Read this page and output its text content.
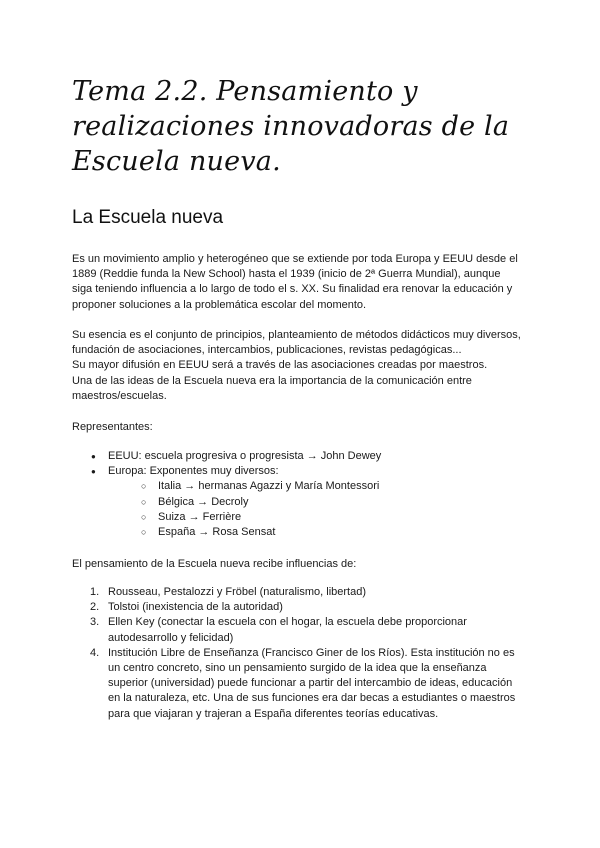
Tema 2.2. Pensamiento y
realizaciones innovadoras de la
Escuela nueva.
La Escuela nueva
Es un movimiento amplio y heterogéneo que se extiende por toda Europa y EEUU desde el
1889 (Reddie funda la New School) hasta el 1939 (inicio de 2ª Guerra Mundial), aunque
siga teniendo influencia a lo largo de todo el s. XX. Su finalidad era renovar la educación y
proponer soluciones a la problemática escolar del momento.
Su esencia es el conjunto de principios, planteamiento de métodos didácticos muy diversos,
fundación de asociaciones, intercambios, publicaciones, revistas pedagógicas...
Su mayor difusión en EEUU será a través de las asociaciones creadas por maestros.
Una de las ideas de la Escuela nueva era la importancia de la comunicación entre
maestros/escuelas.

Representantes:

● EEUU: escuela progresiva o progresista → John Dewey
● Europa: Exponentes muy diversos:
○ Italia → hermanas Agazzi y María Montessori
○ Bélgica → Decroly
○ Suiza → Ferrière
○ España → Rosa Sensat

El pensamiento de la Escuela nueva recibe influencias de:

1. Rousseau, Pestalozzi y Fröbel (naturalismo, libertad)
2. Tolstoi (inexistencia de la autoridad)
3. Ellen Key (conectar la escuela con el hogar, la escuela debe proporcionar
autodesarrollo y felicidad)
4. Institución Libre de Enseñanza (Francisco Giner de los Ríos). Esta institución no es
un centro concreto, sino un pensamiento surgido de la idea que la enseñanza
superior (universidad) puede funcionar a partir del intercambio de ideas, educación
en la naturaleza, etc. Una de sus funciones era dar becas a estudiantes o maestros
para que viajaran y trajeran a España diferentes teorías educativas.
